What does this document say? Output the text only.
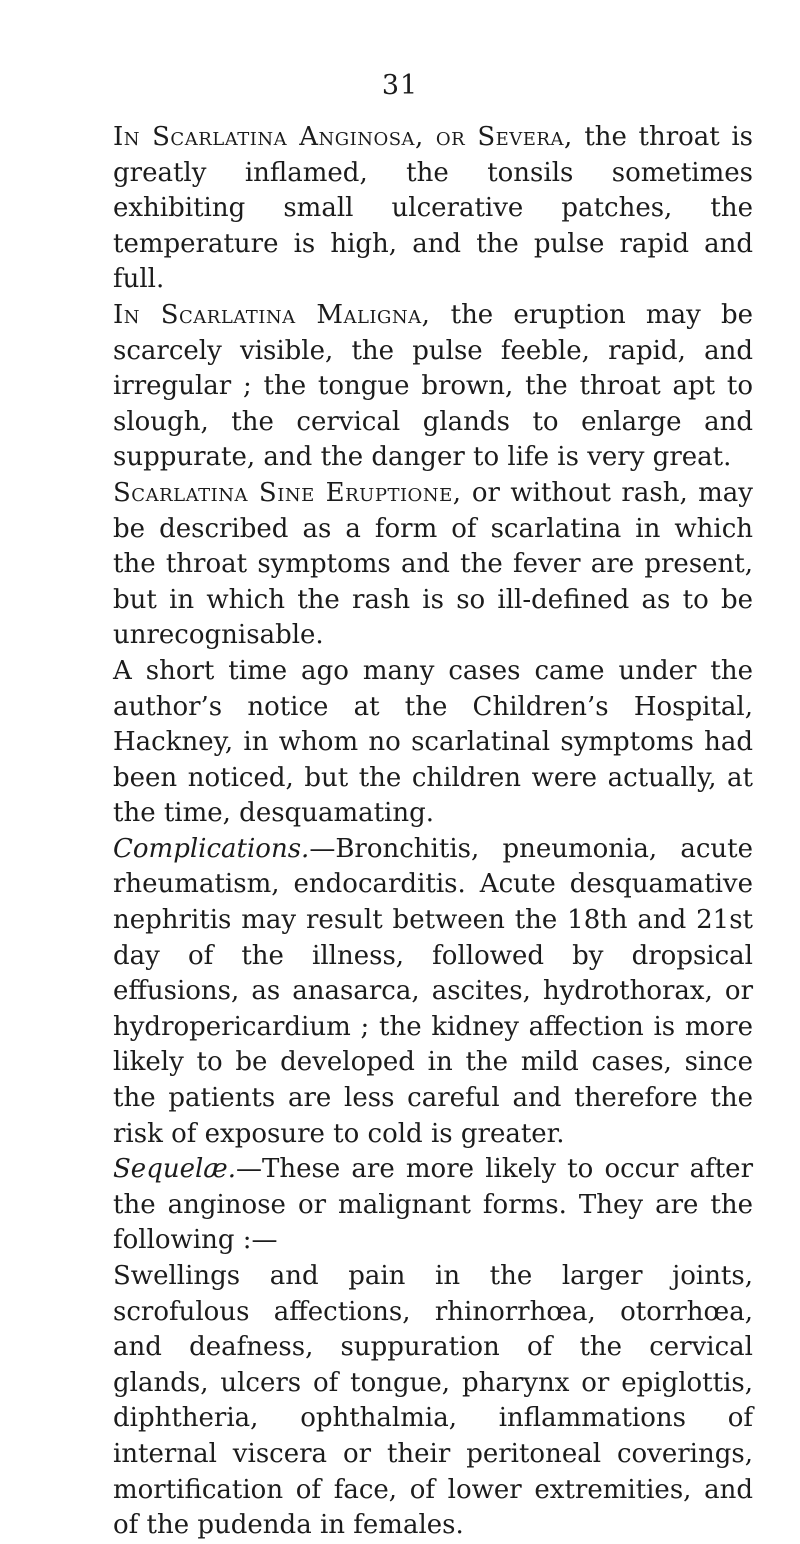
31

In Scarlatina Anginosa, or Severa, the throat is greatly inflamed, the tonsils sometimes exhibiting small ulcerative patches, the temperature is high, and the pulse rapid and full.

In Scarlatina Maligna, the eruption may be scarcely visible, the pulse feeble, rapid, and irregular ; the tongue brown, the throat apt to slough, the cervical glands to enlarge and suppurate, and the danger to life is very great.

Scarlatina Sine Eruptione, or without rash, may be described as a form of scarlatina in which the throat symptoms and the fever are present, but in which the rash is so ill-defined as to be unrecognisable.

A short time ago many cases came under the author’s notice at the Children’s Hospital, Hackney, in whom no scarlatinal symptoms had been noticed, but the children were actually, at the time, desquamating.

Complications.—Bronchitis, pneumonia, acute rheumatism, endocarditis. Acute desquamative nephritis may result between the 18th and 21st day of the illness, followed by dropsical effusions, as anasarca, ascites, hydrothorax, or hydropericardium ; the kidney affection is more likely to be developed in the mild cases, since the patients are less careful and therefore the risk of exposure to cold is greater.

Sequelæ.—These are more likely to occur after the anginose or malignant forms. They are the following :—

Swellings and pain in the larger joints, scrofulous affections, rhinorrhœa, otorrhœa, and deafness, suppuration of the cervical glands, ulcers of tongue, pharynx or epiglottis, diphtheria, ophthalmia, inflammations of internal viscera or their peritoneal coverings, mortification of face, of lower extremities, and of the pudenda in females.
